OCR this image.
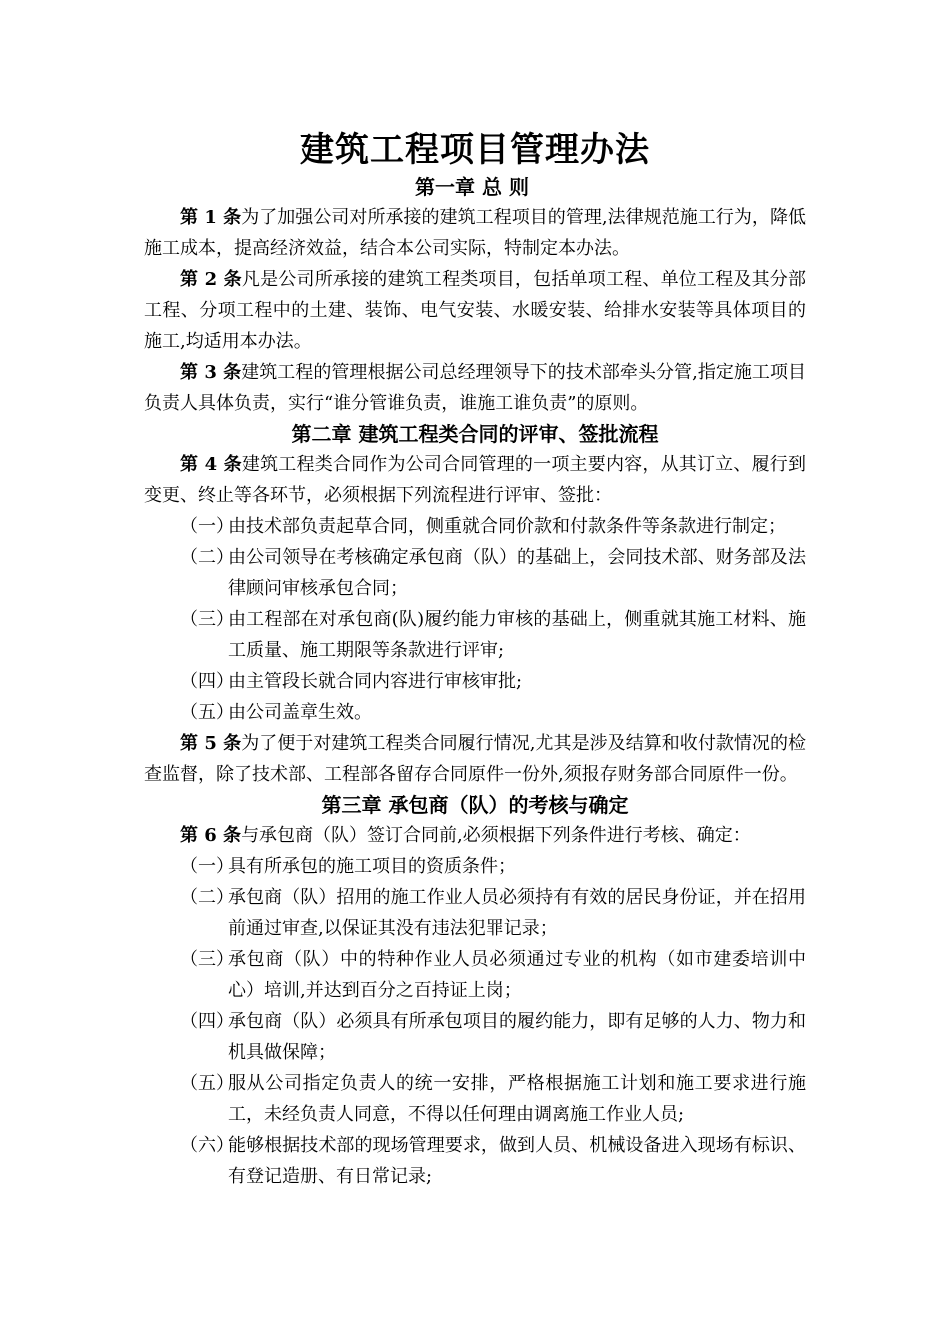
建筑工程项目管理办法
第一章 总 则

第 1 条为了加强公司对所承接的建筑工程项目的管理,法律规范施工行为，降低施工成本，提高经济效益，结合本公司实际，特制定本办法。

第 2 条凡是公司所承接的建筑工程类项目，包括单项工程、单位工程及其分部工程、分项工程中的土建、装饰、电气安装、水暖安装、给排水安装等具体项目的施工,均适用本办法。

第 3 条建筑工程的管理根据公司总经理领导下的技术部牵头分管,指定施工项目负责人具体负责，实行“谁分管谁负责，谁施工谁负责”的原则。

第二章 建筑工程类合同的评审、签批流程

第 4 条建筑工程类合同作为公司合同管理的一项主要内容，从其订立、履行到变更、终止等各环节，必须根据下列流程进行评审、签批：

（一）
由技术部负责起草合同，侧重就合同价款和付款条件等条款进行制定；
（二）
由公司领导在考核确定承包商（队）的基础上，会同技术部、财务部及法律顾问审核承包合同；
（三）
由工程部在对承包商(队)履约能力审核的基础上，侧重就其施工材料、施工质量、施工期限等条款进行评审;
（四）
由主管段长就合同内容进行审核审批;
（五）
由公司盖章生效。

第 5 条为了便于对建筑工程类合同履行情况,尤其是涉及结算和收付款情况的检查监督，除了技术部、工程部各留存合同原件一份外,须报存财务部合同原件一份。

第三章 承包商（队）的考核与确定

第 6 条与承包商（队）签订合同前,必须根据下列条件进行考核、确定：

（一）
具有所承包的施工项目的资质条件；
（二）
承包商（队）招用的施工作业人员必须持有有效的居民身份证，并在招用前通过审查,以保证其没有违法犯罪记录；
（三）
承包商（队）中的特种作业人员必须通过专业的机构（如市建委培训中心）培训,并达到百分之百持证上岗；
（四）
承包商（队）必须具有所承包项目的履约能力，即有足够的人力、物力和机具做保障；
（五）
服从公司指定负责人的统一安排，严格根据施工计划和施工要求进行施工，未经负责人同意，不得以任何理由调离施工作业人员;
（六）
能够根据技术部的现场管理要求，做到人员、机械设备进入现场有标识、有登记造册、有日常记录;
